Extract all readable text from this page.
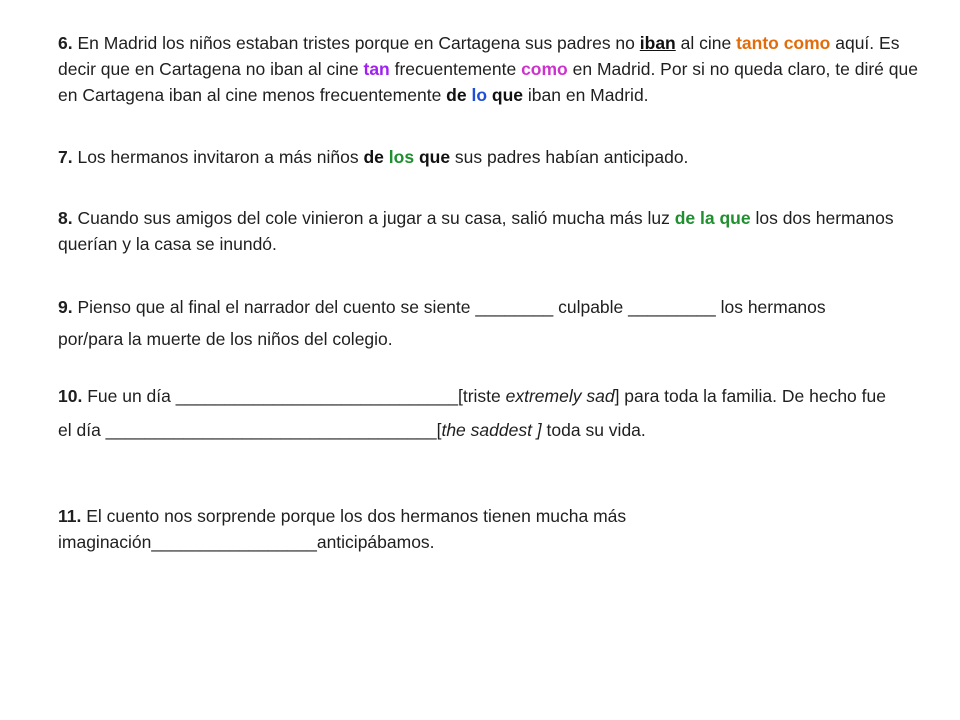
6. En Madrid los niños estaban tristes porque en Cartagena sus padres no iban al cine tanto como aquí. Es decir que en Cartagena no iban al cine tan frecuentemente como en Madrid. Por si no queda claro, te diré que en Cartagena iban al cine menos frecuentemente de lo que iban en Madrid.

7. Los hermanos invitaron a más niños de los que sus padres habían anticipado.

8. Cuando sus amigos del cole vinieron a jugar a su casa, salió mucha más luz de la que los dos hermanos querían y la casa se inundó.

9. Pienso que al final el narrador del cuento se siente ________ culpable _________ los hermanos
por/para la muerte de los niños del colegio.

10. Fue un día _____________________________[triste extremely sad] para toda la familia. De hecho fue
el día __________________________________[the saddest ] toda su vida.

11. El cuento nos sorprende porque los dos hermanos tienen mucha más imaginación_________________anticipábamos.
